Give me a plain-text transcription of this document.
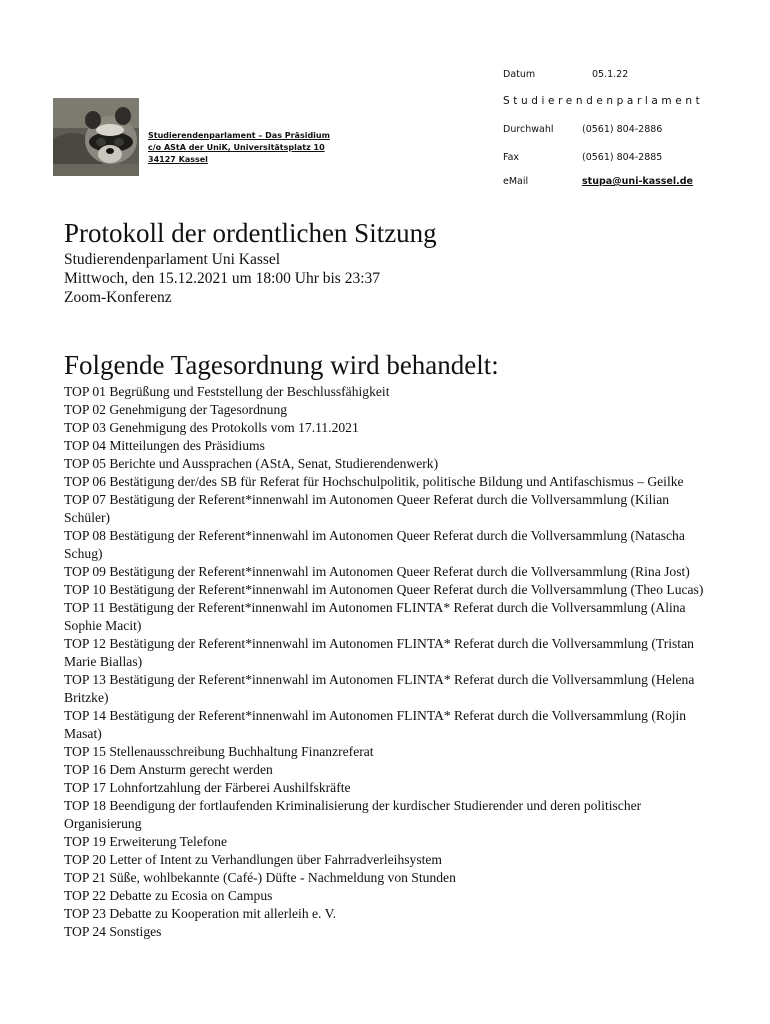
Datum	05.1.22
Studierendenparlament
Durchwahl	(0561) 804-2886
Fax	(0561) 804-2885
eMail	stupa@uni-kassel.de
Studierendenparlament – Das Präsidium
c/o AStA der UniK, Universitätsplatz 10
34127 Kassel
Protokoll der ordentlichen Sitzung
Studierendenparlament Uni Kassel
Mittwoch, den 15.12.2021 um 18:00 Uhr bis 23:37
Zoom-Konferenz
Folgende Tagesordnung wird behandelt:
TOP 01 Begrüßung und Feststellung der Beschlussfähigkeit
TOP 02 Genehmigung der Tagesordnung
TOP 03 Genehmigung des Protokolls vom 17.11.2021
TOP 04 Mitteilungen des Präsidiums
TOP 05 Berichte und Aussprachen (AStA, Senat, Studierendenwerk)
TOP 06 Bestätigung der/des SB für Referat für Hochschulpolitik, politische Bildung und Antifaschismus – Geilke
TOP 07 Bestätigung der Referent*innenwahl im Autonomen Queer Referat durch die Vollversammlung (Kilian Schüler)
TOP 08 Bestätigung der Referent*innenwahl im Autonomen Queer Referat durch die Vollversammlung (Natascha Schug)
TOP 09 Bestätigung der Referent*innenwahl im Autonomen Queer Referat durch die Vollversammlung (Rina Jost)
TOP 10 Bestätigung der Referent*innenwahl im Autonomen Queer Referat durch die Vollversammlung (Theo Lucas)
TOP 11 Bestätigung der Referent*innenwahl im Autonomen FLINTA* Referat durch die Vollversammlung (Alina Sophie Macit)
TOP 12 Bestätigung der Referent*innenwahl im Autonomen FLINTA* Referat durch die Vollversammlung (Tristan Marie Biallas)
TOP 13 Bestätigung der Referent*innenwahl im Autonomen FLINTA* Referat durch die Vollversammlung (Helena Britzke)
TOP 14 Bestätigung der Referent*innenwahl im Autonomen FLINTA* Referat durch die Vollversammlung (Rojin Masat)
TOP 15 Stellenausschreibung Buchhaltung Finanzreferat
TOP 16 Dem Ansturm gerecht werden
TOP 17 Lohnfortzahlung der Färberei Aushilfskräfte
TOP 18 Beendigung der fortlaufenden Kriminalisierung der kurdischer Studierender und deren politischer Organisierung
TOP 19 Erweiterung Telefone
TOP 20 Letter of Intent zu Verhandlungen über Fahrradverleihsystem
TOP 21 Süße, wohlbekannte (Café-) Düfte - Nachmeldung von Stunden
TOP 22 Debatte zu Ecosia on Campus
TOP 23 Debatte zu Kooperation mit allerleih e. V.
TOP 24 Sonstiges
